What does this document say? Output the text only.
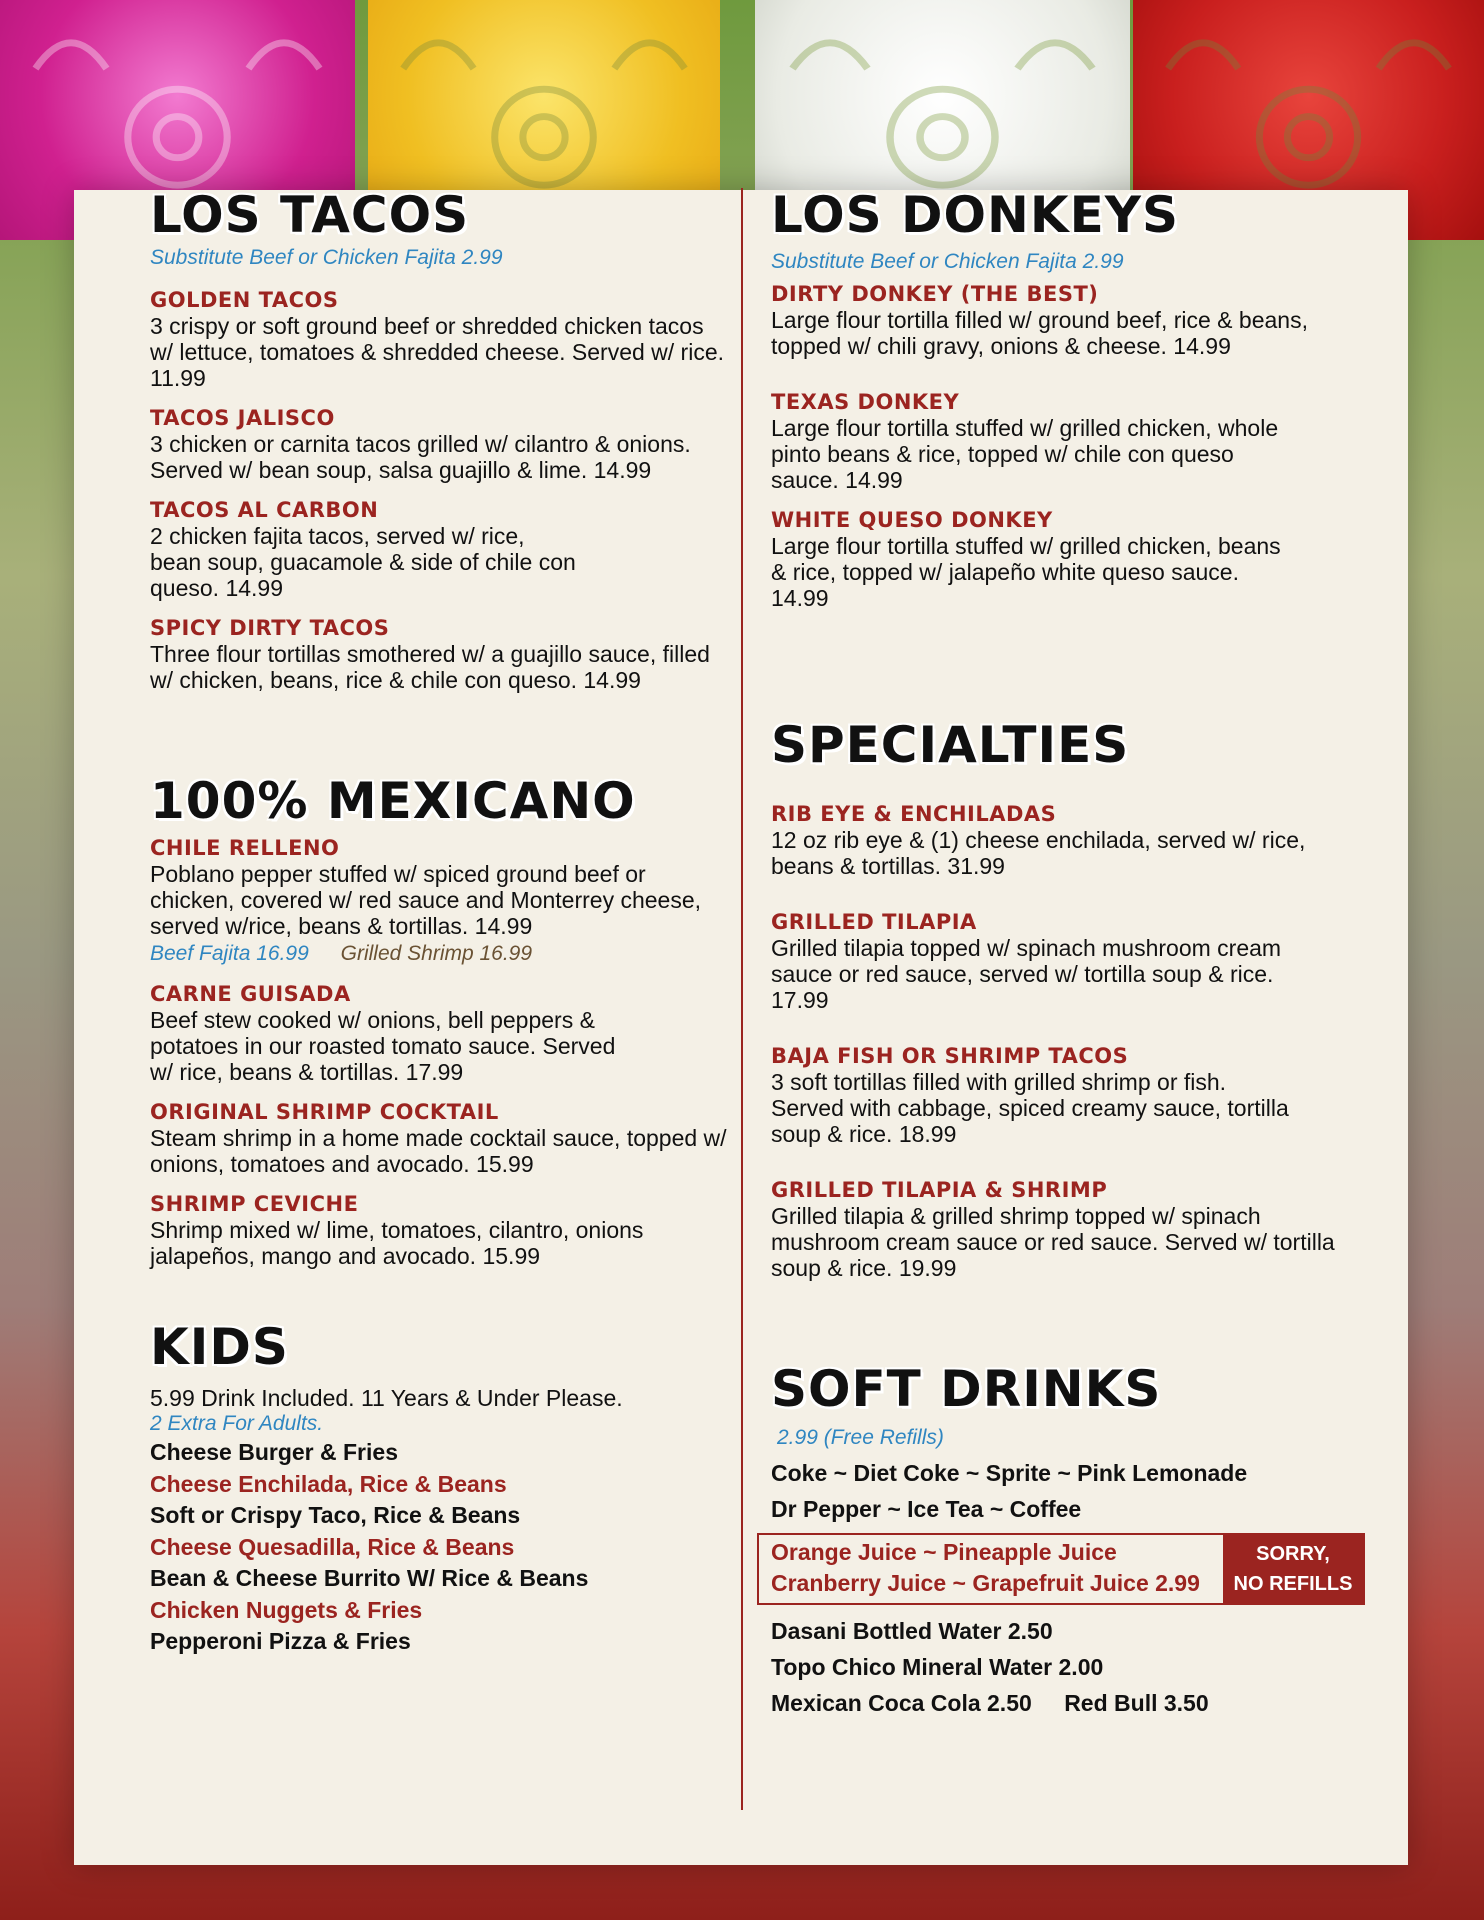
LOS TACOS
Substitute Beef or Chicken Fajita 2.99
GOLDEN TACOS
3 crispy or soft ground beef or shredded chicken tacos w/ lettuce, tomatoes & shredded cheese. Served w/ rice. 11.99
TACOS JALISCO
3 chicken or carnita tacos grilled w/ cilantro & onions. Served w/ bean soup, salsa guajillo & lime. 14.99
TACOS AL CARBON
2 chicken fajita tacos, served w/ rice, bean soup, guacamole & side of chile con queso. 14.99
SPICY DIRTY TACOS
Three flour tortillas smothered w/ a guajillo sauce, filled w/ chicken, beans, rice & chile con queso. 14.99
100% MEXICANO
CHILE RELLENO
Poblano pepper stuffed w/ spiced ground beef or chicken, covered w/ red sauce and Monterrey cheese, served w/rice, beans & tortillas. 14.99
Beef Fajita 16.99 Grilled Shrimp 16.99
CARNE GUISADA
Beef stew cooked w/ onions, bell peppers & potatoes in our roasted tomato sauce. Served w/ rice, beans & tortillas. 17.99
ORIGINAL SHRIMP COCKTAIL
Steam shrimp in a home made cocktail sauce, topped w/ onions, tomatoes and avocado. 15.99
SHRIMP CEVICHE
Shrimp mixed w/ lime, tomatoes, cilantro, onions jalapeños, mango and avocado. 15.99
KIDS
5.99 Drink Included. 11 Years & Under Please.
2 Extra For Adults.
Cheese Burger & Fries
Cheese Enchilada, Rice & Beans
Soft or Crispy Taco, Rice & Beans
Cheese Quesadilla, Rice & Beans
Bean & Cheese Burrito W/ Rice & Beans
Chicken Nuggets & Fries
Pepperoni Pizza & Fries
LOS DONKEYS
Substitute Beef or Chicken Fajita 2.99
DIRTY DONKEY (THE BEST)
Large flour tortilla filled w/ ground beef, rice & beans, topped w/ chili gravy, onions & cheese. 14.99
TEXAS DONKEY
Large flour tortilla stuffed w/ grilled chicken, whole pinto beans & rice, topped w/ chile con queso sauce. 14.99
WHITE QUESO DONKEY
Large flour tortilla stuffed w/ grilled chicken, beans & rice, topped w/ jalapeño white queso sauce. 14.99
SPECIALTIES
RIB EYE & ENCHILADAS
12 oz rib eye & (1) cheese enchilada, served w/ rice, beans & tortillas. 31.99
GRILLED TILAPIA
Grilled tilapia topped w/ spinach mushroom cream sauce or red sauce, served w/ tortilla soup & rice. 17.99
BAJA FISH OR SHRIMP TACOS
3 soft tortillas filled with grilled shrimp or fish. Served with cabbage, spiced creamy sauce, tortilla soup & rice. 18.99
GRILLED TILAPIA & SHRIMP
Grilled tilapia & grilled shrimp topped w/ spinach mushroom cream sauce or red sauce. Served w/ tortilla soup & rice. 19.99
SOFT DRINKS
2.99 (Free Refills)
Coke ~ Diet Coke ~ Sprite ~ Pink Lemonade
Dr Pepper ~ Ice Tea ~ Coffee
Orange Juice ~ Pineapple Juice
Cranberry Juice ~ Grapefruit Juice 2.99
SORRY,
NO REFILLS
Dasani Bottled Water 2.50
Topo Chico Mineral Water 2.00
Mexican Coca Cola 2.50 Red Bull 3.50
